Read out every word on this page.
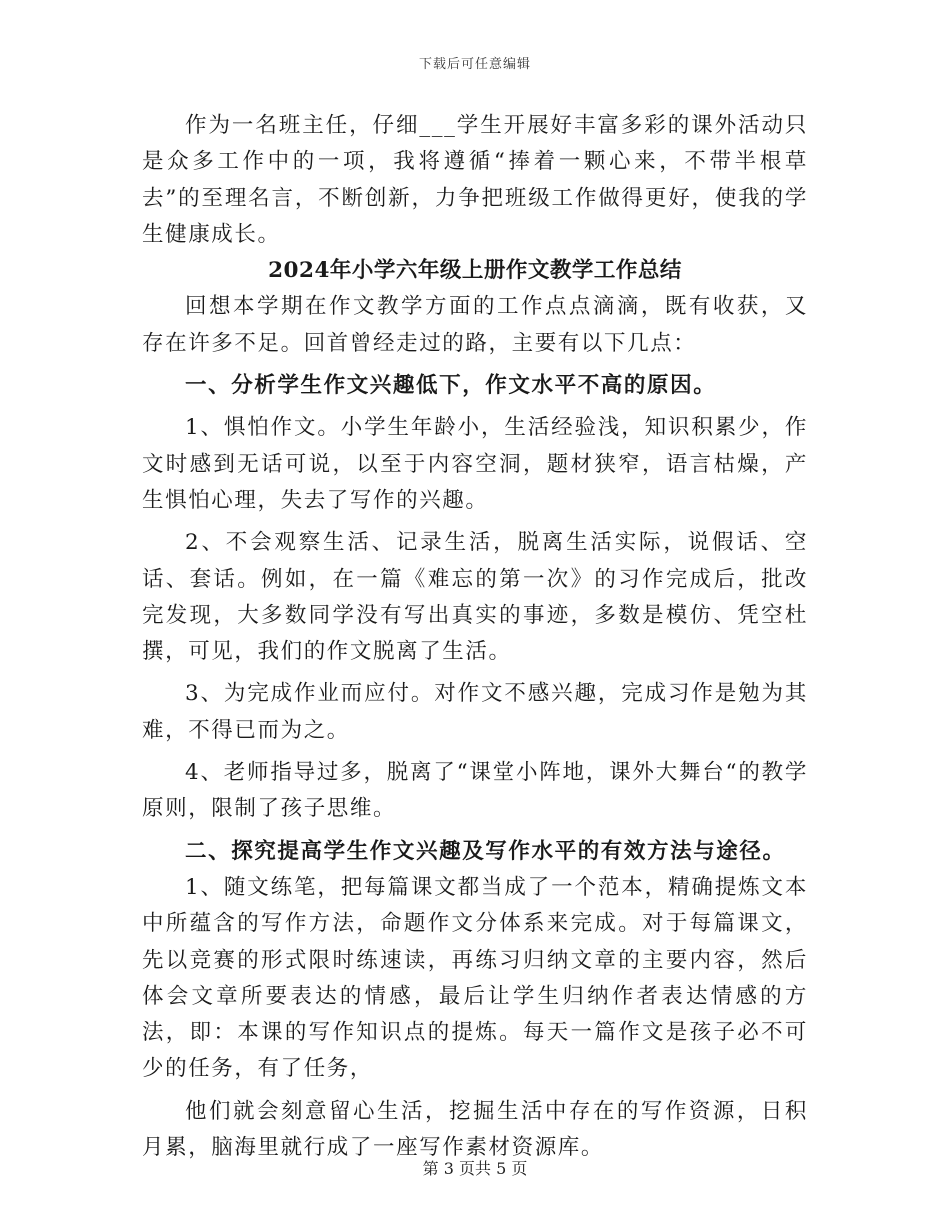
下载后可任意编辑

作为一名班主任，仔细___学生开展好丰富多彩的课外活动只是众多工作中的一项，我将遵循“捧着一颗心来，不带半根草去”的至理名言，不断创新，力争把班级工作做得更好，使我的学生健康成长。

2024年小学六年级上册作文教学工作总结

回想本学期在作文教学方面的工作点点滴滴，既有收获，又存在许多不足。回首曾经走过的路，主要有以下几点：

一、分析学生作文兴趣低下，作文水平不高的原因。

1、惧怕作文。小学生年龄小，生活经验浅，知识积累少，作文时感到无话可说，以至于内容空洞，题材狭窄，语言枯燥，产生惧怕心理，失去了写作的兴趣。

2、不会观察生活、记录生活，脱离生活实际，说假话、空话、套话。例如，在一篇《难忘的第一次》的习作完成后，批改完发现，大多数同学没有写出真实的事迹，多数是模仿、凭空杜撰，可见，我们的作文脱离了生活。

3、为完成作业而应付。对作文不感兴趣，完成习作是勉为其难，不得已而为之。

4、老师指导过多，脱离了“课堂小阵地，课外大舞台“的教学原则，限制了孩子思维。

二、探究提高学生作文兴趣及写作水平的有效方法与途径。

1、随文练笔，把每篇课文都当成了一个范本，精确提炼文本中所蕴含的写作方法，命题作文分体系来完成。对于每篇课文，先以竞赛的形式限时练速读，再练习归纳文章的主要内容，然后体会文章所要表达的情感，最后让学生归纳作者表达情感的方法，即：本课的写作知识点的提炼。每天一篇作文是孩子必不可少的任务，有了任务，

他们就会刻意留心生活，挖掘生活中存在的写作资源，日积月累，脑海里就行成了一座写作素材资源库。

第 3 页共 5 页
